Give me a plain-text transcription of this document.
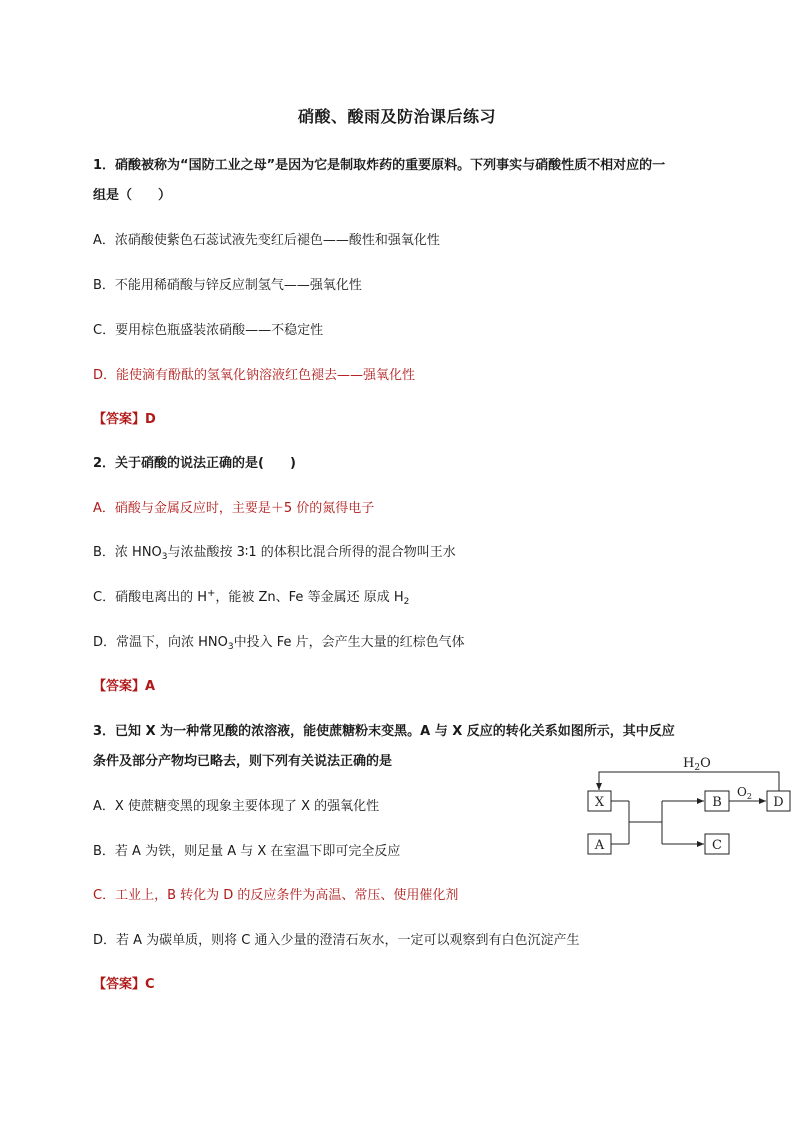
硝酸、酸雨及防治课后练习
1．硝酸被称为“国防工业之母”是因为它是制取炸药的重要原料。下列事实与硝酸性质不相对应的一
组是（　　）
A．浓硝酸使紫色石蕊试液先变红后褪色——酸性和强氧化性
B．不能用稀硝酸与锌反应制氢气——强氧化性
C．要用棕色瓶盛装浓硝酸——不稳定性
D．能使滴有酚酞的氢氧化钠溶液红色褪去——强氧化性
【答案】D
2．关于硝酸的说法正确的是(　　)
A．硝酸与金属反应时，主要是＋5 价的氮得电子
B．浓 $HNO_3$与浓盐酸按 3∶1 的体积比混合所得的混合物叫王水
C．硝酸电离出的 H+，能被 Zn、Fe 等金属还 原成 $H_2$
D．常温下，向浓 $HNO_3$中投入 Fe 片，会产生大量的红棕色气体
【答案】A
3．已知 X 为一种常见酸的浓溶液，能使蔗糖粉末变黑。A 与 X 反应的转化关系如图所示，其中反应
条件及部分产物均已略去，则下列有关说法正确的是
A．X 使蔗糖变黑的现象主要体现了 X 的强氧化性
B．若 A 为铁，则足量 A 与 X 在室温下即可完全反应
C．工业上，B 转化为 D 的反应条件为高温、常压、使用催化剂
D．若 A 为碳单质，则将 C 通入少量的澄清石灰水，一定可以观察到有白色沉淀产生
【答案】C
$H_2O$
X
A
B
C
$O_2$ D
